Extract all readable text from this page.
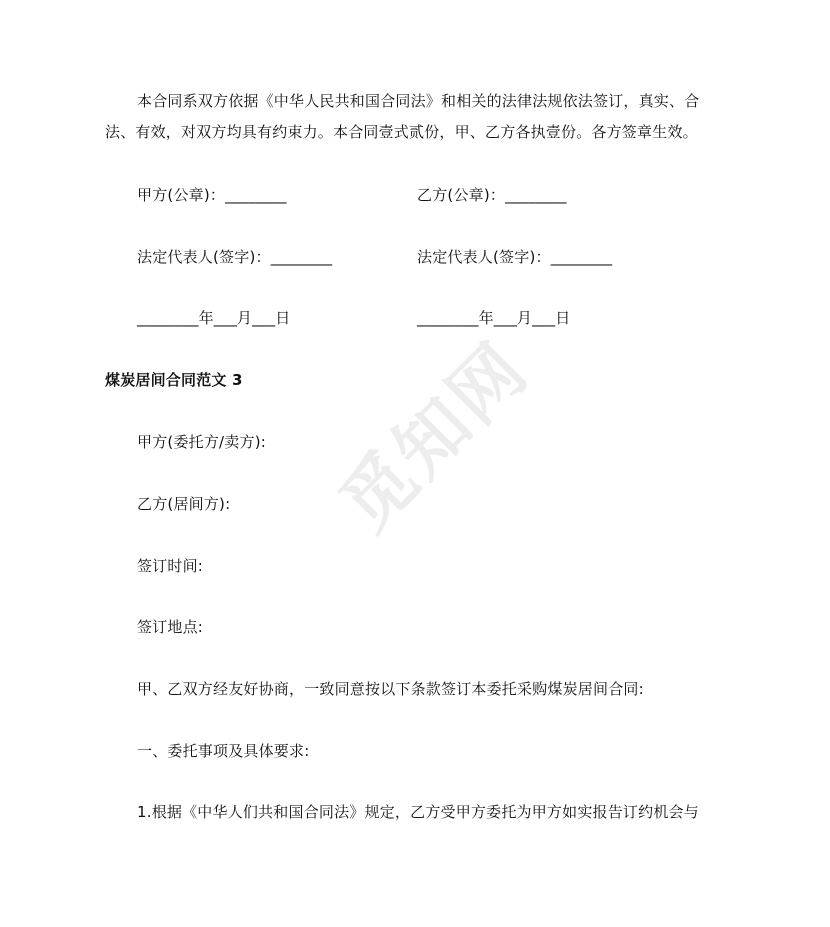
觅知网
本合同系双方依据《中华人民共和国合同法》和相关的法律法规依法签订，真实、合
法、有效，对双方均具有约束力。本合同壹式贰份，甲、乙方各执壹份。各方签章生效。
甲方(公章)：________	乙方(公章)：________
法定代表人(签字)：________	法定代表人(签字)：________
________年___月___日	________年___月___日
煤炭居间合同范文 3
甲方(委托方/卖方):
乙方(居间方):
签订时间:
签订地点:
甲、乙双方经友好协商，一致同意按以下条款签订本委托采购煤炭居间合同:
一、委托事项及具体要求:
1.根据《中华人们共和国合同法》规定，乙方受甲方委托为甲方如实报告订约机会与
